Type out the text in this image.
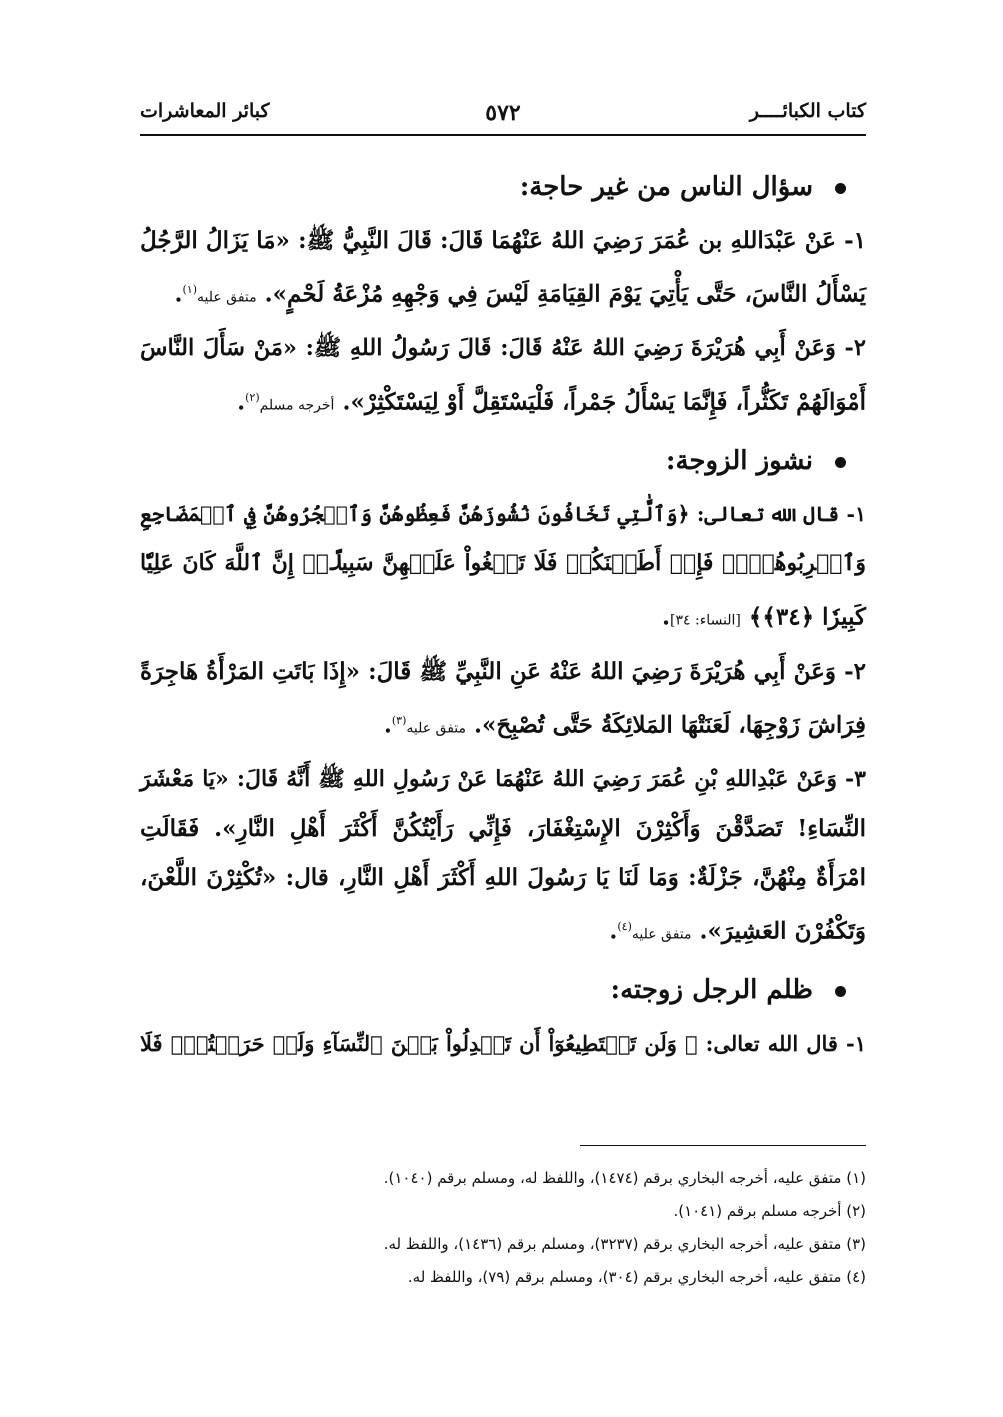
كتاب الكبائــــر
٥٧٢
كبائر المعاشرات
سؤال الناس من غير حاجة:
١- عَنْ عَبْدَاللهِ بن عُمَرَ رَضِيَ اللهُ عَنْهُمَا قَالَ: قَالَ النَّبِيُّ ﷺ: «مَا يَزَالُ الرَّجُلُ
يَسْأَلُ النَّاسَ، حَتَّى يَأْتِيَ يَوْمَ القِيَامَةِ لَيْسَ فِي وَجْهِهِ مُزْعَةُ لَحْمٍ». متفق عليه$^{(١)}$.
٢- وَعَنْ أَبِي هُرَيْرَةَ رَضِيَ اللهُ عَنْهُ قَالَ: قَالَ رَسُولُ اللهِ ﷺ: «مَنْ سَأَلَ النَّاسَ
أَمْوَالَهُمْ تَكَثُّراً، فَإِنَّمَا يَسْأَلُ جَمْراً، فَلْيَسْتَقِلَّ أَوْ لِيَسْتَكْثِرْ». أخرجه مسلم$^{(٢)}$.
نشوز الزوجة:
١- قال الله تعالى: ﴿وَٱلَّٰتِي تَخَافُونَ نُشُوزَهُنَّ فَعِظُوهُنَّ وَٱهۡجُرُوهُنَّ فِي ٱلۡمَضَاجِعِ
وَٱضۡرِبُوهُنَّۖ فَإِنۡ أَطَعۡنَكُمۡ فَلَا تَبۡغُواْ عَلَيۡهِنَّ سَبِيلًاۗ إِنَّ ٱللَّهَ كَانَ عَلِيّٗا
كَبِيرٗا ﴿٣٤﴾﴾ [النساء: ٣٤].
٢- وَعَنْ أَبِي هُرَيْرَةَ رَضِيَ اللهُ عَنْهُ عَنِ النَّبِيِّ ﷺ قَالَ: «إِذَا بَاتَتِ المَرْأَةُ هَاجِرَةً
فِرَاشَ زَوْجِهَا، لَعَنَتْهَا المَلائِكَةُ حَتَّى تُصْبِحَ». متفق عليه$^{(٣)}$.
٣- وَعَنْ عَبْدِاللهِ بْنِ عُمَرَ رَضِيَ اللهُ عَنْهُمَا عَنْ رَسُولِ اللهِ ﷺ أَنَّهُ قَالَ: «يَا مَعْشَرَ
النِّسَاءِ! تَصَدَّقْنَ وَأَكْثِرْنَ الإِسْتِغْفَارَ، فَإِنِّي رَأَيْتُكُنَّ أَكْثَرَ أَهْلِ النَّارِ». فَقَالَتِ
امْرَأَةٌ مِنْهُنَّ، جَزْلَةٌ: وَمَا لَنَا يَا رَسُولَ اللهِ أَكْثَرَ أَهْلِ النَّارِ، قال: «تُكْثِرْنَ اللَّعْنَ،
وَتَكْفُرْنَ العَشِيرَ». متفق عليه$^{(٤)}$.
ظلم الرجل زوجته:
١- قال الله تعالى: ﴿ وَلَن تَسۡتَطِيعُوٓاْ أَن تَعۡدِلُواْ بَيۡنَ ٱلنِّسَآءِ وَلَوۡ حَرَصۡتُمۡۖ فَلَا
(١) متفق عليه، أخرجه البخاري برقم (١٤٧٤)، واللفظ له، ومسلم برقم (١٠٤٠).
(٢) أخرجه مسلم برقم (١٠٤١).
(٣) متفق عليه، أخرجه البخاري برقم (٣٢٣٧)، ومسلم برقم (١٤٣٦)، واللفظ له.
(٤) متفق عليه، أخرجه البخاري برقم (٣٠٤)، ومسلم برقم (٧٩)، واللفظ له.
